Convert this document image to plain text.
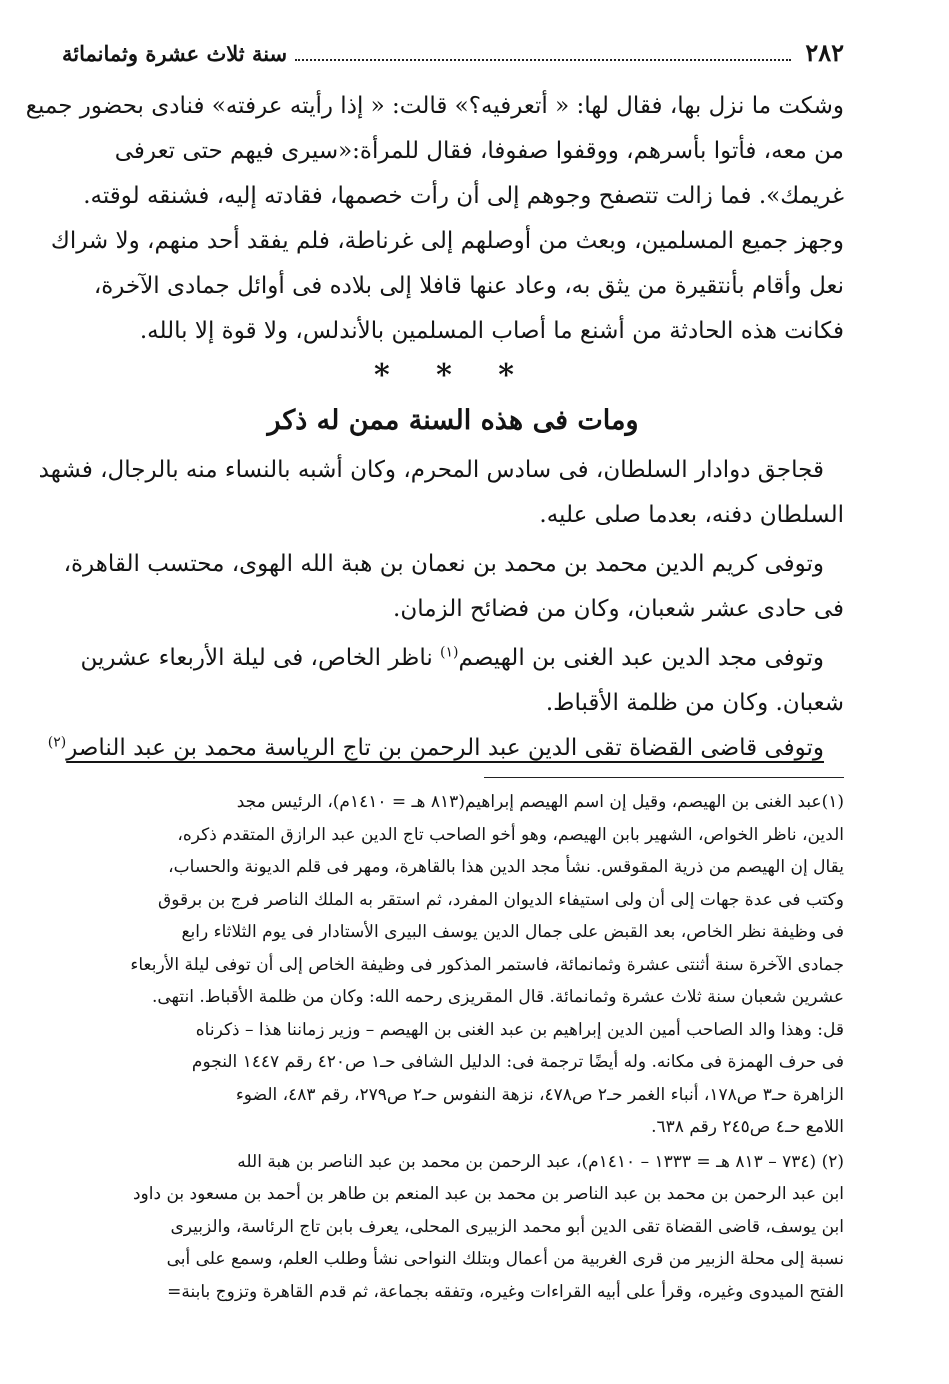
٢٨٢
سنة ثلاث عشرة وثمانمائة
وشكت ما نزل بها، فقال لها: « أتعرفيه؟» قالت: « إذا رأيته عرفته» فنادى بحضور جميع
من معه، فأتوا بأسرهم، ووقفوا صفوفا، فقال للمرأة:«سيرى فيهم حتى تعرفى
غريمك». فما زالت تتصفح وجوهم إلى أن رأت خصمها، فقادته إليه، فشنقه لوقته.
وجهز جميع المسلمين، وبعث من أوصلهم إلى غرناطة، فلم يفقد أحد منهم، ولا شراك
نعل وأقام بأنتقيرة من يثق به، وعاد عنها قافلا إلى بلاده فى أوائل جمادى الآخرة،
فكانت هذه الحادثة من أشنع ما أصاب المسلمين بالأندلس، ولا قوة إلا بالله.
* * *
ومات فى هذه السنة ممن له ذكر
قجاجق دوادار السلطان، فى سادس المحرم، وكان أشبه بالنساء منه بالرجال، فشهد
السلطان دفنه، بعدما صلى عليه.
وتوفى كريم الدين محمد بن محمد بن نعمان بن هبة الله الهوى، محتسب القاهرة،
فى حادى عشر شعبان، وكان من فضائح الزمان.
وتوفى مجد الدين عبد الغنى بن الهيصم$^{(١)}$ ناظر الخاص، فى ليلة الأربعاء عشرين
شعبان. وكان من ظلمة الأقباط.
وتوفى قاضى القضاة تقى الدين عبد الرحمن بن تاج الرياسة محمد بن عبد الناصر$^{(٢)}$
(١)عبد الغنى بن الهيصم، وقيل إن اسم الهيصم إبراهيم(٨١٣ هـ = ١٤١٠م)، الرئيس مجد
الدين، ناظر الخواص، الشهير بابن الهيصم، وهو أخو الصاحب تاج الدين عبد الرازق المتقدم ذكره،
يقال إن الهيصم من ذرية المقوقس. نشأ مجد الدين هذا بالقاهرة، ومهر فى قلم الديونة والحساب،
وكتب فى عدة جهات إلى أن ولى استيفاء الديوان المفرد، ثم استقر به الملك الناصر فرج بن برقوق
فى وظيفة نظر الخاص، بعد القبض على جمال الدين يوسف البيرى الأستادار فى يوم الثلاثاء رابع
جمادى الآخرة سنة أثنتى عشرة وثمانمائة، فاستمر المذكور فى وظيفة الخاص إلى أن توفى ليلة الأربعاء
عشرين شعبان سنة ثلاث عشرة وثمانمائة. قال المقريزى رحمه الله: وكان من ظلمة الأقباط. انتهى.
قل: وهذا والد الصاحب أمين الدين إبراهيم بن عبد الغنى بن الهيصم – وزير زماننا هذا – ذكرناه
فى حرف الهمزة فى مكانه. وله أيضًا ترجمة فى: الدليل الشافى حـ١ ص٤٢٠ رقم ١٤٤٧ النجوم
الزاهرة حـ٣ ص١٧٨، أنباء الغمر حـ٢ ص٤٧٨، نزهة النفوس حـ٢ ص٢٧٩، رقم ٤٨٣، الضوء
اللامع حـ٤ ص٢٤٥ رقم ٦٣٨.
(٢) (٧٣٤ – ٨١٣ هـ = ١٣٣٣ – ١٤١٠م)، عبد الرحمن بن محمد بن عبد الناصر بن هبة الله
ابن عبد الرحمن بن محمد بن عبد الناصر بن محمد بن عبد المنعم بن طاهر بن أحمد بن مسعود بن داود
ابن يوسف، قاضى القضاة تقى الدين أبو محمد الزبيرى المحلى، يعرف بابن تاج الرئاسة، والزبيرى
نسبة إلى محلة الزبير من قرى الغربية من أعمال وبتلك النواحى نشأ وطلب العلم، وسمع على أبى
الفتح الميدوى وغيره، وقرأ على أبيه القراءات وغيره، وتفقه بجماعة، ثم قدم القاهرة وتزوج بابنة=
